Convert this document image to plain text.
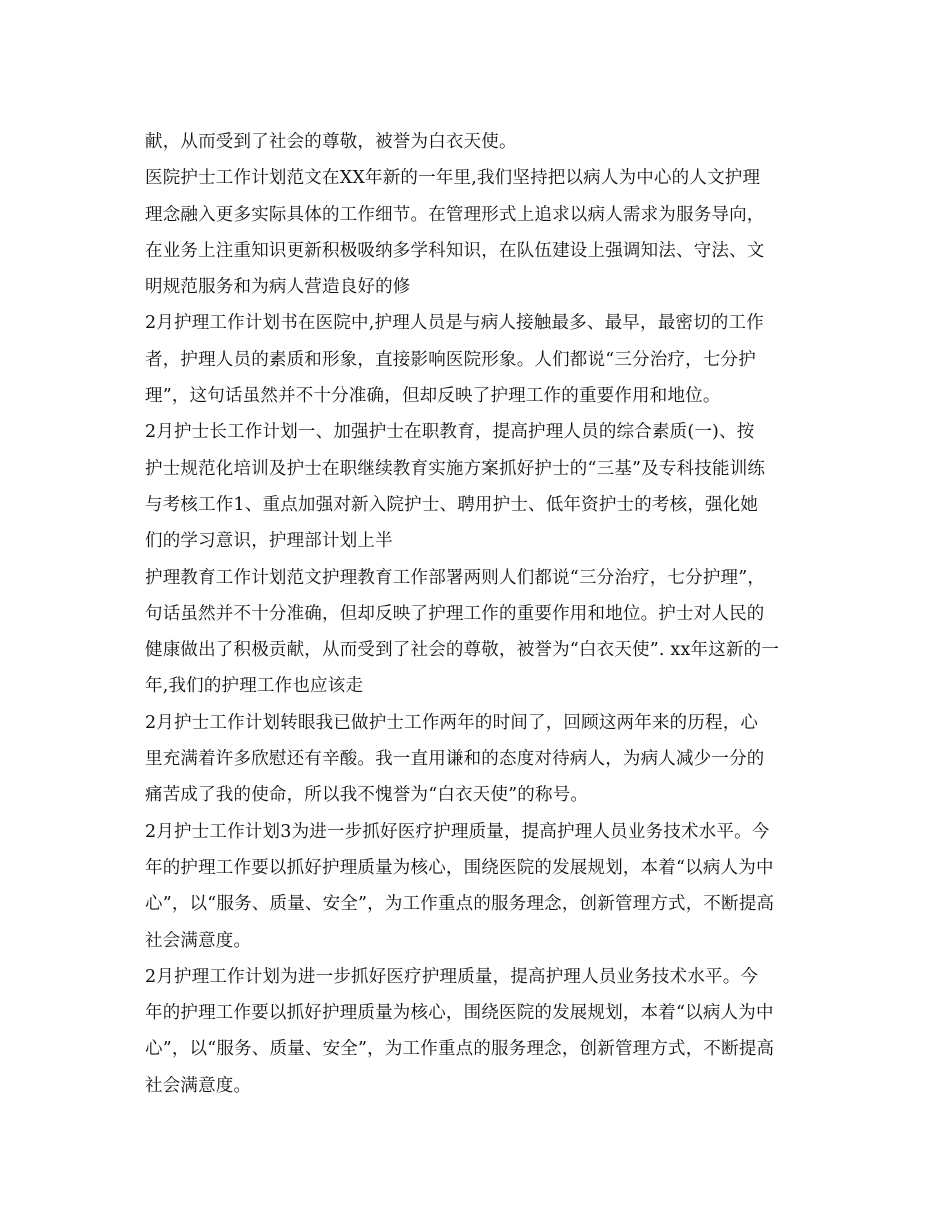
献，从而受到了社会的尊敬，被誉为白衣天使。
医院护士工作计划范文在XX年新的一年里,我们坚持把以病人为中心的人文护理
理念融入更多实际具体的工作细节。在管理形式上追求以病人需求为服务导向，
在业务上注重知识更新积极吸纳多学科知识，在队伍建设上强调知法、守法、文
明规范服务和为病人营造良好的修
2月护理工作计划书在医院中,护理人员是与病人接触最多、最早，最密切的工作
者，护理人员的素质和形象，直接影响医院形象。人们都说“三分治疗，七分护
理”，这句话虽然并不十分准确，但却反映了护理工作的重要作用和地位。
2月护士长工作计划一、加强护士在职教育，提高护理人员的综合素质(一)、按
护士规范化培训及护士在职继续教育实施方案抓好护士的“三基”及专科技能训练
与考核工作1、重点加强对新入院护士、聘用护士、低年资护士的考核，强化她
们的学习意识，护理部计划上半
护理教育工作计划范文护理教育工作部署两则人们都说“三分治疗，七分护理”，
句话虽然并不十分准确，但却反映了护理工作的重要作用和地位。护士对人民的
健康做出了积极贡献，从而受到了社会的尊敬，被誉为“白衣天使”. xx年这新的一
年,我们的护理工作也应该走
2月护士工作计划转眼我已做护士工作两年的时间了，回顾这两年来的历程，心
里充满着许多欣慰还有辛酸。我一直用谦和的态度对待病人，为病人减少一分的
痛苦成了我的使命，所以我不愧誉为“白衣天使”的称号。
2月护士工作计划3为进一步抓好医疗护理质量，提高护理人员业务技术水平。今
年的护理工作要以抓好护理质量为核心，围绕医院的发展规划，本着“以病人为中
心”，以“服务、质量、安全”，为工作重点的服务理念，创新管理方式，不断提高
社会满意度。
2月护理工作计划为进一步抓好医疗护理质量，提高护理人员业务技术水平。今
年的护理工作要以抓好护理质量为核心，围绕医院的发展规划，本着“以病人为中
心”，以“服务、质量、安全”，为工作重点的服务理念，创新管理方式，不断提高
社会满意度。
